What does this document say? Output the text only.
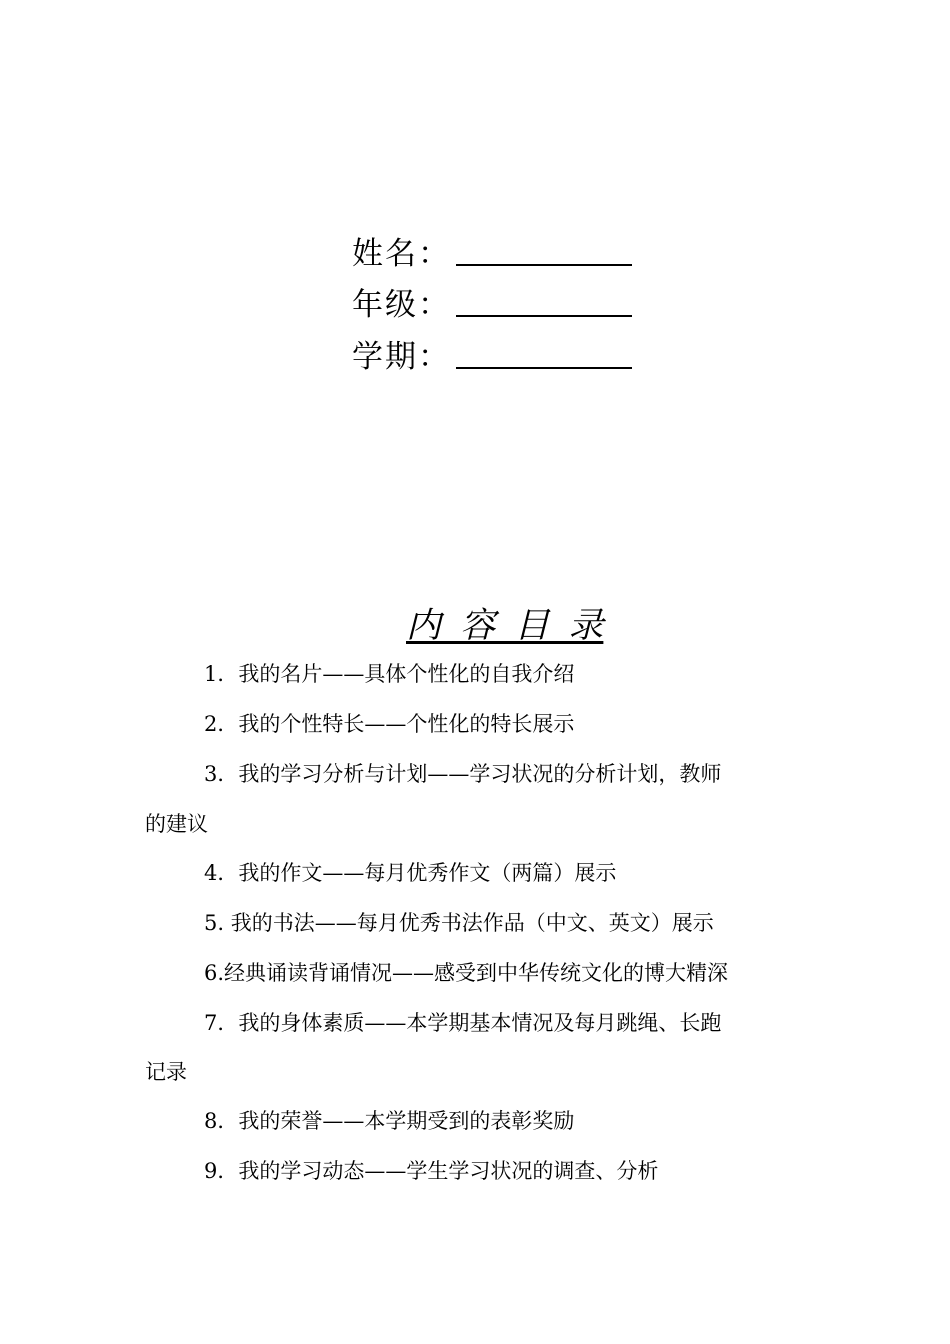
姓名：
年级：
学期：
内 容 目 录
1．我的名片——具体个性化的自我介绍
2．我的个性特长——个性化的特长展示
3．我的学习分析与计划——学习状况的分析计划，教师
的建议
4．我的作文——每月优秀作文（两篇）展示
5. 我的书法——每月优秀书法作品（中文、英文）展示
6.经典诵读背诵情况——感受到中华传统文化的博大精深
7．我的身体素质——本学期基本情况及每月跳绳、长跑
记录
8．我的荣誉——本学期受到的表彰奖励
9．我的学习动态——学生学习状况的调查、分析
